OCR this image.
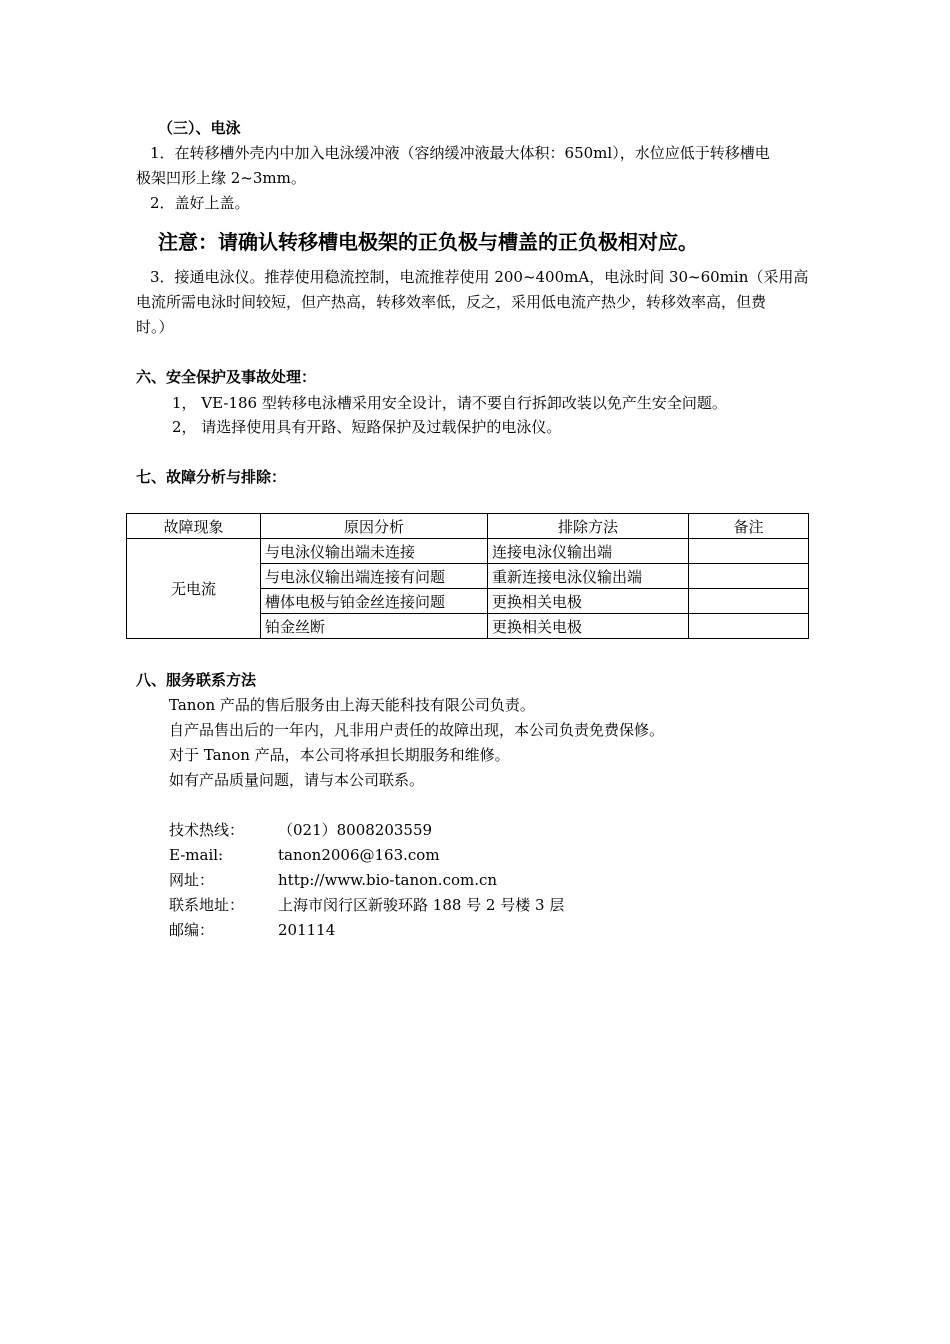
（三）、电泳
1．在转移槽外壳内中加入电泳缓冲液（容纳缓冲液最大体积：650ml），水位应低于转移槽电
极架凹形上缘 2~3mm。
2．盖好上盖。
注意：请确认转移槽电极架的正负极与槽盖的正负极相对应。
3．接通电泳仪。推荐使用稳流控制，电流推荐使用 200~400mA，电泳时间 30~60min（采用高
电流所需电泳时间较短，但产热高，转移效率低，反之，采用低电流产热少，转移效率高，但费
时。）
六、安全保护及事故处理：
1， VE-186 型转移电泳槽采用安全设计，请不要自行拆卸改装以免产生安全问题。
2， 请选择使用具有开路、短路保护及过载保护的电泳仪。
七、故障分析与排除：
故障现象	原因分析	排除方法	备注
无电流	与电泳仪输出端未连接	连接电泳仪输出端	
	与电泳仪输出端连接有问题	重新连接电泳仪输出端	
	槽体电极与铂金丝连接问题	更换相关电极	
	铂金丝断	更换相关电极	
八、服务联系方法
Tanon 产品的售后服务由上海天能科技有限公司负责。
自产品售出后的一年内，凡非用户责任的故障出现，本公司负责免费保修。
对于 Tanon 产品，本公司将承担长期服务和维修。
如有产品质量问题，请与本公司联系。
技术热线： （021）8008203559
E-mail:	tanon2006@163.com
网址：	http://www.bio-tanon.com.cn
联系地址： 上海市闵行区新骏环路 188 号 2 号楼 3 层
邮编：	201114
